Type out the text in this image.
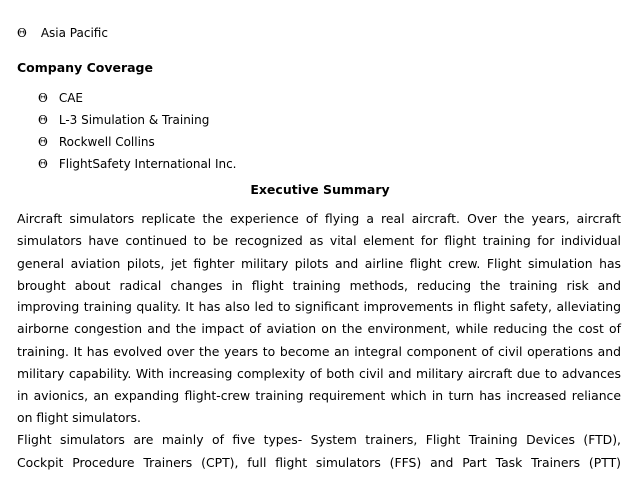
Θ Asia Pacific
Company Coverage
Θ CAE
Θ L-3 Simulation & Training
Θ Rockwell Collins
Θ FlightSafety International Inc.
Executive Summary
Aircraft simulators replicate the experience of flying a real aircraft. Over the years, aircraft
simulators have continued to be recognized as vital element for flight training for individual
general aviation pilots, jet fighter military pilots and airline flight crew. Flight simulation has
brought about radical changes in flight training methods, reducing the training risk and
improving training quality. It has also led to significant improvements in flight safety, alleviating
airborne congestion and the impact of aviation on the environment, while reducing the cost of
training. It has evolved over the years to become an integral component of civil operations and
military capability. With increasing complexity of both civil and military aircraft due to advances
in avionics, an expanding flight-crew training requirement which in turn has increased reliance
on flight simulators.
Flight simulators are mainly of five types- System trainers, Flight Training Devices (FTD),
Cockpit Procedure Trainers (CPT), full flight simulators (FFS) and Part Task Trainers (PTT)
